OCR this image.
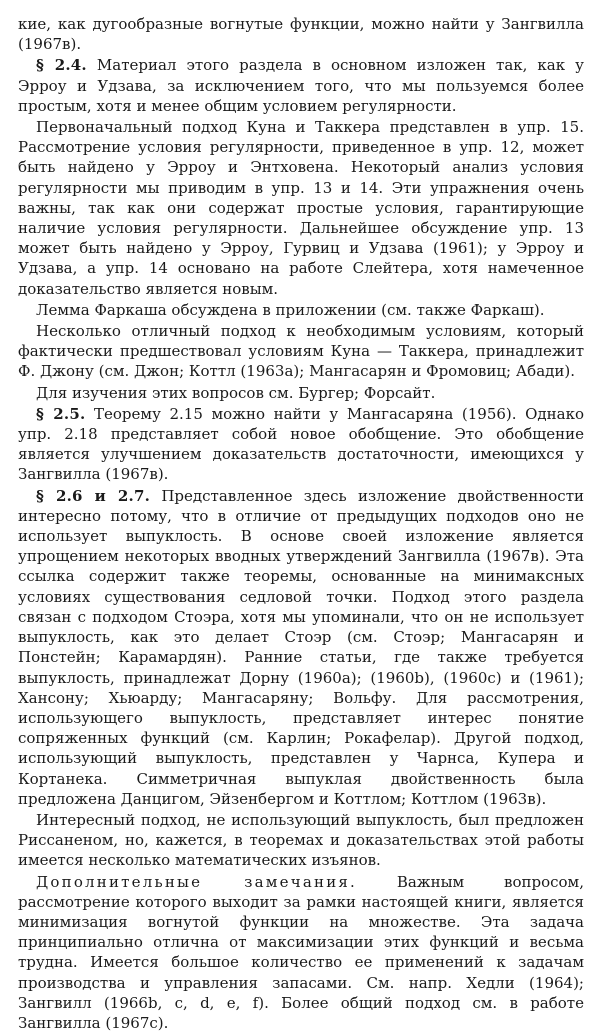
кие, как дугообразные вогнутые функции, можно найти у Зангвилла (1967в).

§ 2.4. Материал этого раздела в основном изложен так, как у Эрроу и Удзава, за исключением того, что мы пользуемся более простым, хотя и менее общим условием регулярности.

Первоначальный подход Куна и Таккера представлен в упр. 15. Рассмотрение условия регулярности, приведенное в упр. 12, может быть найдено у Эрроу и Энтховена. Некоторый анализ условия регулярности мы приводим в упр. 13 и 14. Эти упражнения очень важны, так как они содержат простые условия, гарантирующие наличие условия регулярности. Дальнейшее обсуждение упр. 13 может быть найдено у Эрроу, Гурвиц и Удзава (1961); у Эрроу и Удзава, а упр. 14 основано на работе Слейтера, хотя намеченное доказательство является новым.

Лемма Фаркаша обсуждена в приложении (см. также Фаркаш).

Несколько отличный подход к необходимым условиям, который фактически предшествовал условиям Куна — Таккера, принадлежит Ф. Джону (см. Джон; Коттл (1963а); Мангасарян и Фромовиц; Абади).

Для изучения этих вопросов см. Бургер; Форсайт.

§ 2.5. Теорему 2.15 можно найти у Мангасаряна (1956). Однако упр. 2.18 представляет собой новое обобщение. Это обобщение является улучшением доказательств достаточности, имеющихся у Зангвилла (1967в).

§ 2.6 и 2.7. Представленное здесь изложение двойственности интересно потому, что в отличие от предыдущих подходов оно не использует выпуклость. В основе своей изложение является упрощением некоторых вводных утверждений Зангвилла (1967в). Эта ссылка содержит также теоремы, основанные на минимаксных условиях существования седловой точки. Подход этого раздела связан с подходом Стоэра, хотя мы упоминали, что он не использует выпуклость, как это делает Стоэр (см. Стоэр; Мангасарян и Понстейн; Карамардян). Ранние статьи, где также требуется выпуклость, принадлежат Дорну (1960а); (1960b), (1960с) и (1961); Хансону; Хьюарду; Мангасаряну; Вольфу. Для рассмотрения, использующего выпуклость, представляет интерес понятие сопряженных функций (см. Карлин; Рокафелар). Другой подход, использующий выпуклость, представлен у Чарнса, Купера и Кортанека. Симметричная выпуклая двойственность была предложена Данцигом, Эйзенбергом и Коттлом; Коттлом (1963в).

Интересный подход, не использующий выпуклость, был предложен Риссаненом, но, кажется, в теоремах и доказательствах этой работы имеется несколько математических изъянов.

Дополнительные замечания. Важным вопросом, рассмотрение которого выходит за рамки настоящей книги, является минимизация вогнутой функции на множестве. Эта задача принципиально отлична от максимизации этих функций и весьма трудна. Имеется большое количество ее применений к задачам производства и управления запасами. См. напр. Хедли (1964); Зангвилл (1966b, с, d, е, f). Более общий подход см. в работе Зангвилла (1967с).
